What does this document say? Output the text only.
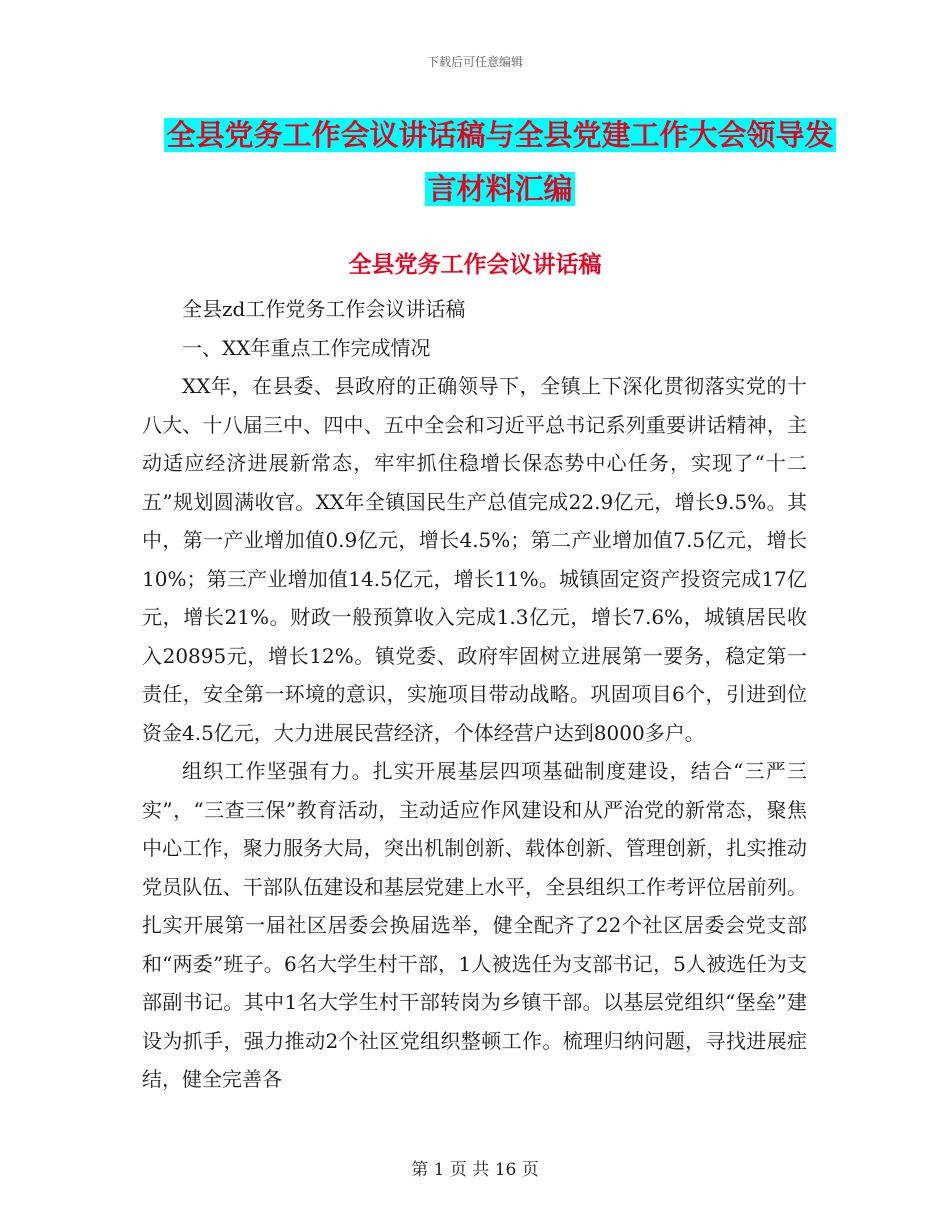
下载后可任意编辑
全县党务工作会议讲话稿与全县党建工作大会领导发
言材料汇编
全县党务工作会议讲话稿

全县zd工作党务工作会议讲话稿

一、XX年重点工作完成情况

XX年，在县委、县政府的正确领导下，全镇上下深化贯彻落实党的十八大、十八届三中、四中、五中全会和习近平总书记系列重要讲话精神，主动适应经济进展新常态，牢牢抓住稳增长保态势中心任务，实现了“十二五”规划圆满收官。XX年全镇国民生产总值完成22.9亿元，增长9.5%。其中，第一产业增加值0.9亿元，增长4.5%；第二产业增加值7.5亿元，增长10%；第三产业增加值14.5亿元，增长11%。城镇固定资产投资完成17亿元，增长21%。财政一般预算收入完成1.3亿元，增长7.6%，城镇居民收入20895元，增长12%。镇党委、政府牢固树立进展第一要务，稳定第一责任，安全第一环境的意识，实施项目带动战略。巩固项目6个，引进到位资金4.5亿元，大力进展民营经济，个体经营户达到8000多户。

组织工作坚强有力。扎实开展基层四项基础制度建设，结合“三严三实”，“三查三保”教育活动，主动适应作风建设和从严治党的新常态，聚焦中心工作，聚力服务大局，突出机制创新、载体创新、管理创新，扎实推动党员队伍、干部队伍建设和基层党建上水平，全县组织工作考评位居前列。扎实开展第一届社区居委会换届选举，健全配齐了22个社区居委会党支部和“两委”班子。6名大学生村干部，1人被选任为支部书记，5人被选任为支部副书记。其中1名大学生村干部转岗为乡镇干部。以基层党组织“堡垒”建设为抓手，强力推动2个社区党组织整顿工作。梳理归纳问题，寻找进展症结，健全完善各

第 1 页 共 16 页
